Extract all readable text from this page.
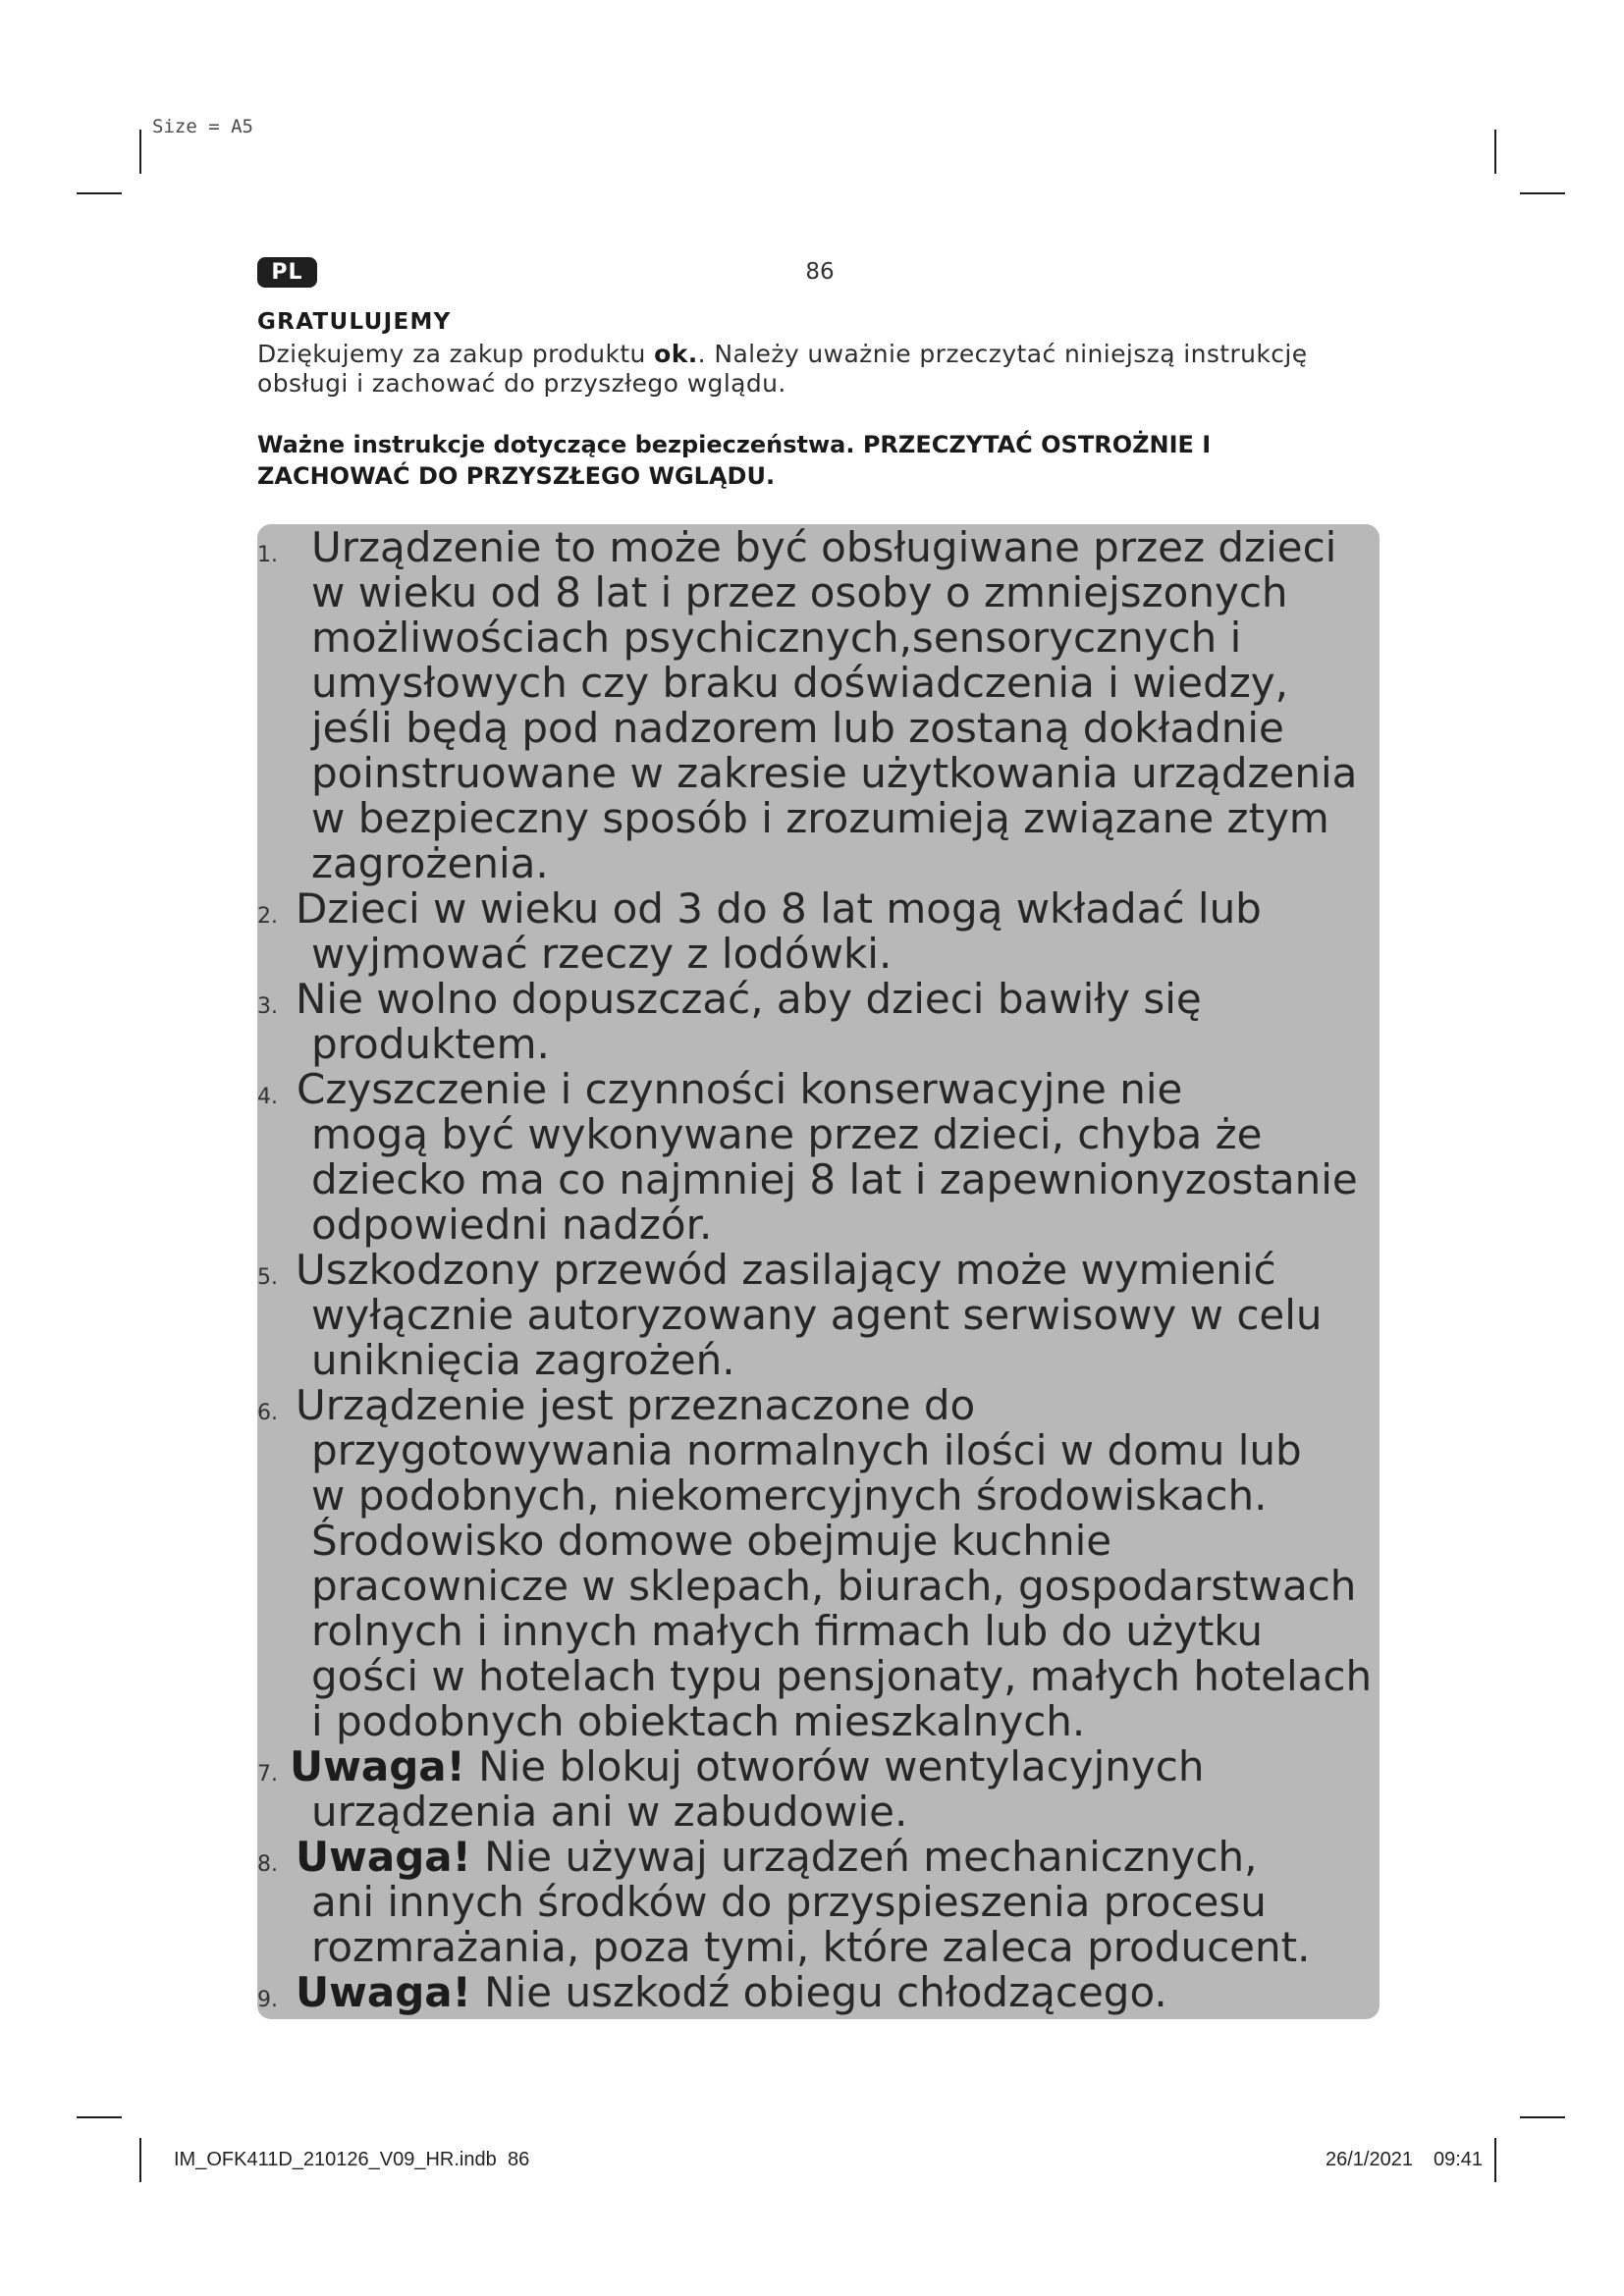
Size = A5
PL	86
GRATULUJEMY
Dziękujemy za zakup produktu ok.. Należy uważnie przeczytać niniejszą instrukcję
obsługi i zachować do przyszłego wglądu.
Ważne instrukcje dotyczące bezpieczeństwa. PRZECZYTAĆ OSTROŻNIE I
ZACHOWAĆ DO PRZYSZŁEGO WGLĄDU.
1. Urządzenie to może być obsługiwane przez dzieci
w wieku od 8 lat i przez osoby o zmniejszonych
możliwościach psychicznych,sensorycznych i
umysłowych czy braku doświadczenia i wiedzy,
jeśli będą pod nadzorem lub zostaną dokładnie
poinstruowane w zakresie użytkowania urządzenia
w bezpieczny sposób i zrozumieją związane ztym
zagrożenia.
2. Dzieci w wieku od 3 do 8 lat mogą wkładać lub
wyjmować rzeczy z lodówki.
3. Nie wolno dopuszczać, aby dzieci bawiły się
produktem.
4. Czyszczenie i czynności konserwacyjne nie
mogą być wykonywane przez dzieci, chyba że
dziecko ma co najmniej 8 lat i zapewnionyzostanie
odpowiedni nadzór.
5. Uszkodzony przewód zasilający może wymienić
wyłącznie autoryzowany agent serwisowy w celu
uniknięcia zagrożeń.
6. Urządzenie jest przeznaczone do
przygotowywania normalnych ilości w domu lub
w podobnych, niekomercyjnych środowiskach.
Środowisko domowe obejmuje kuchnie
pracownicze w sklepach, biurach, gospodarstwach
rolnych i innych małych firmach lub do użytku
gości w hotelach typu pensjonaty, małych hotelach
i podobnych obiektach mieszkalnych.
7. Uwaga! Nie blokuj otworów wentylacyjnych
urządzenia ani w zabudowie.
8. Uwaga! Nie używaj urządzeń mechanicznych,
ani innych środków do przyspieszenia procesu
rozmrażania, poza tymi, które zaleca producent.
9. Uwaga! Nie uszkodź obiegu chłodzącego.
IM_OFK411D_210126_V09_HR.indb 86	26/1/2021 09:41
